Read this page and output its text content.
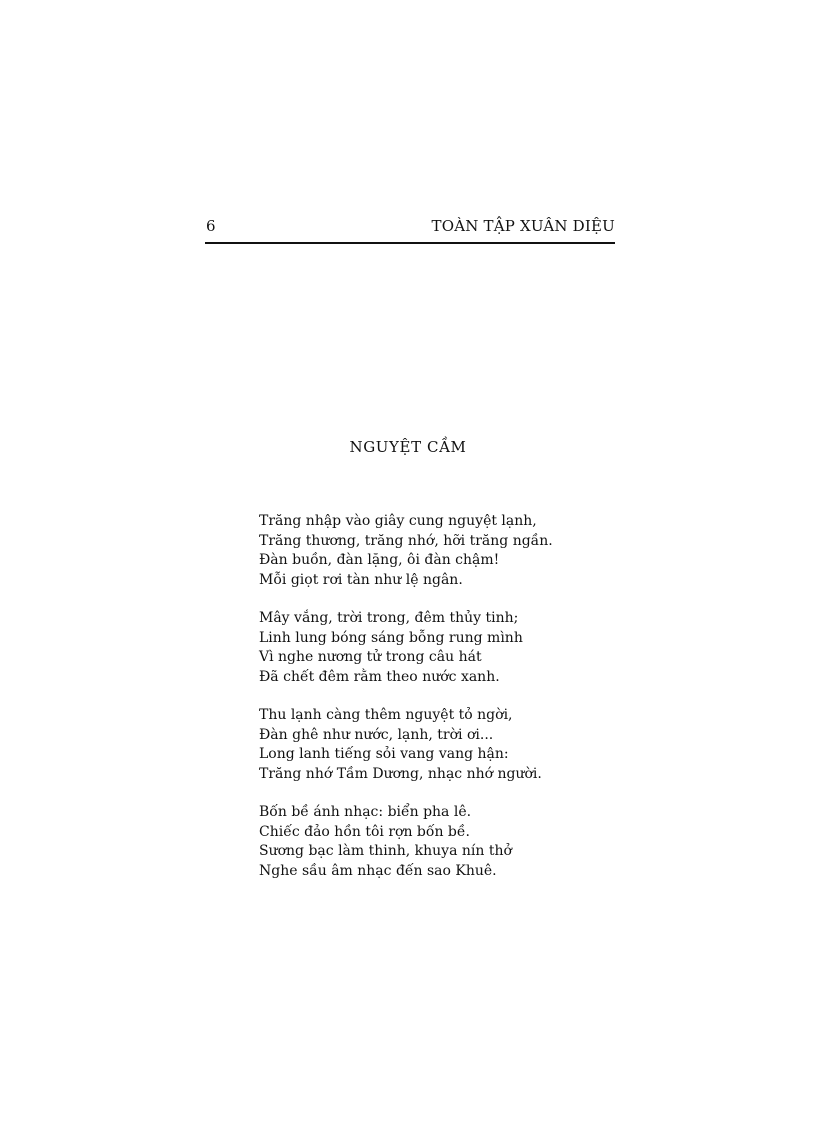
6	TOÀN TẬP XUÂN DIỆU
NGUYỆT CẦM
Trăng nhập vào giây cung nguyệt lạnh,
Trăng thương, trăng nhớ, hỡi trăng ngần.
Đàn buồn, đàn lặng, ôi đàn chậm!
Mỗi giọt rơi tàn như lệ ngân.
Mây vắng, trời trong, đêm thủy tinh;
Linh lung bóng sáng bỗng rung mình
Vì nghe nương tử trong câu hát
Đã chết đêm rằm theo nước xanh.
Thu lạnh càng thêm nguyệt tỏ ngời,
Đàn ghê như nước, lạnh, trời ơi...
Long lanh tiếng sỏi vang vang hận:
Trăng nhớ Tầm Dương, nhạc nhớ người.
Bốn bề ánh nhạc: biển pha lê.
Chiếc đảo hồn tôi rợn bốn bề.
Sương bạc làm thinh, khuya nín thở
Nghe sầu âm nhạc đến sao Khuê.
